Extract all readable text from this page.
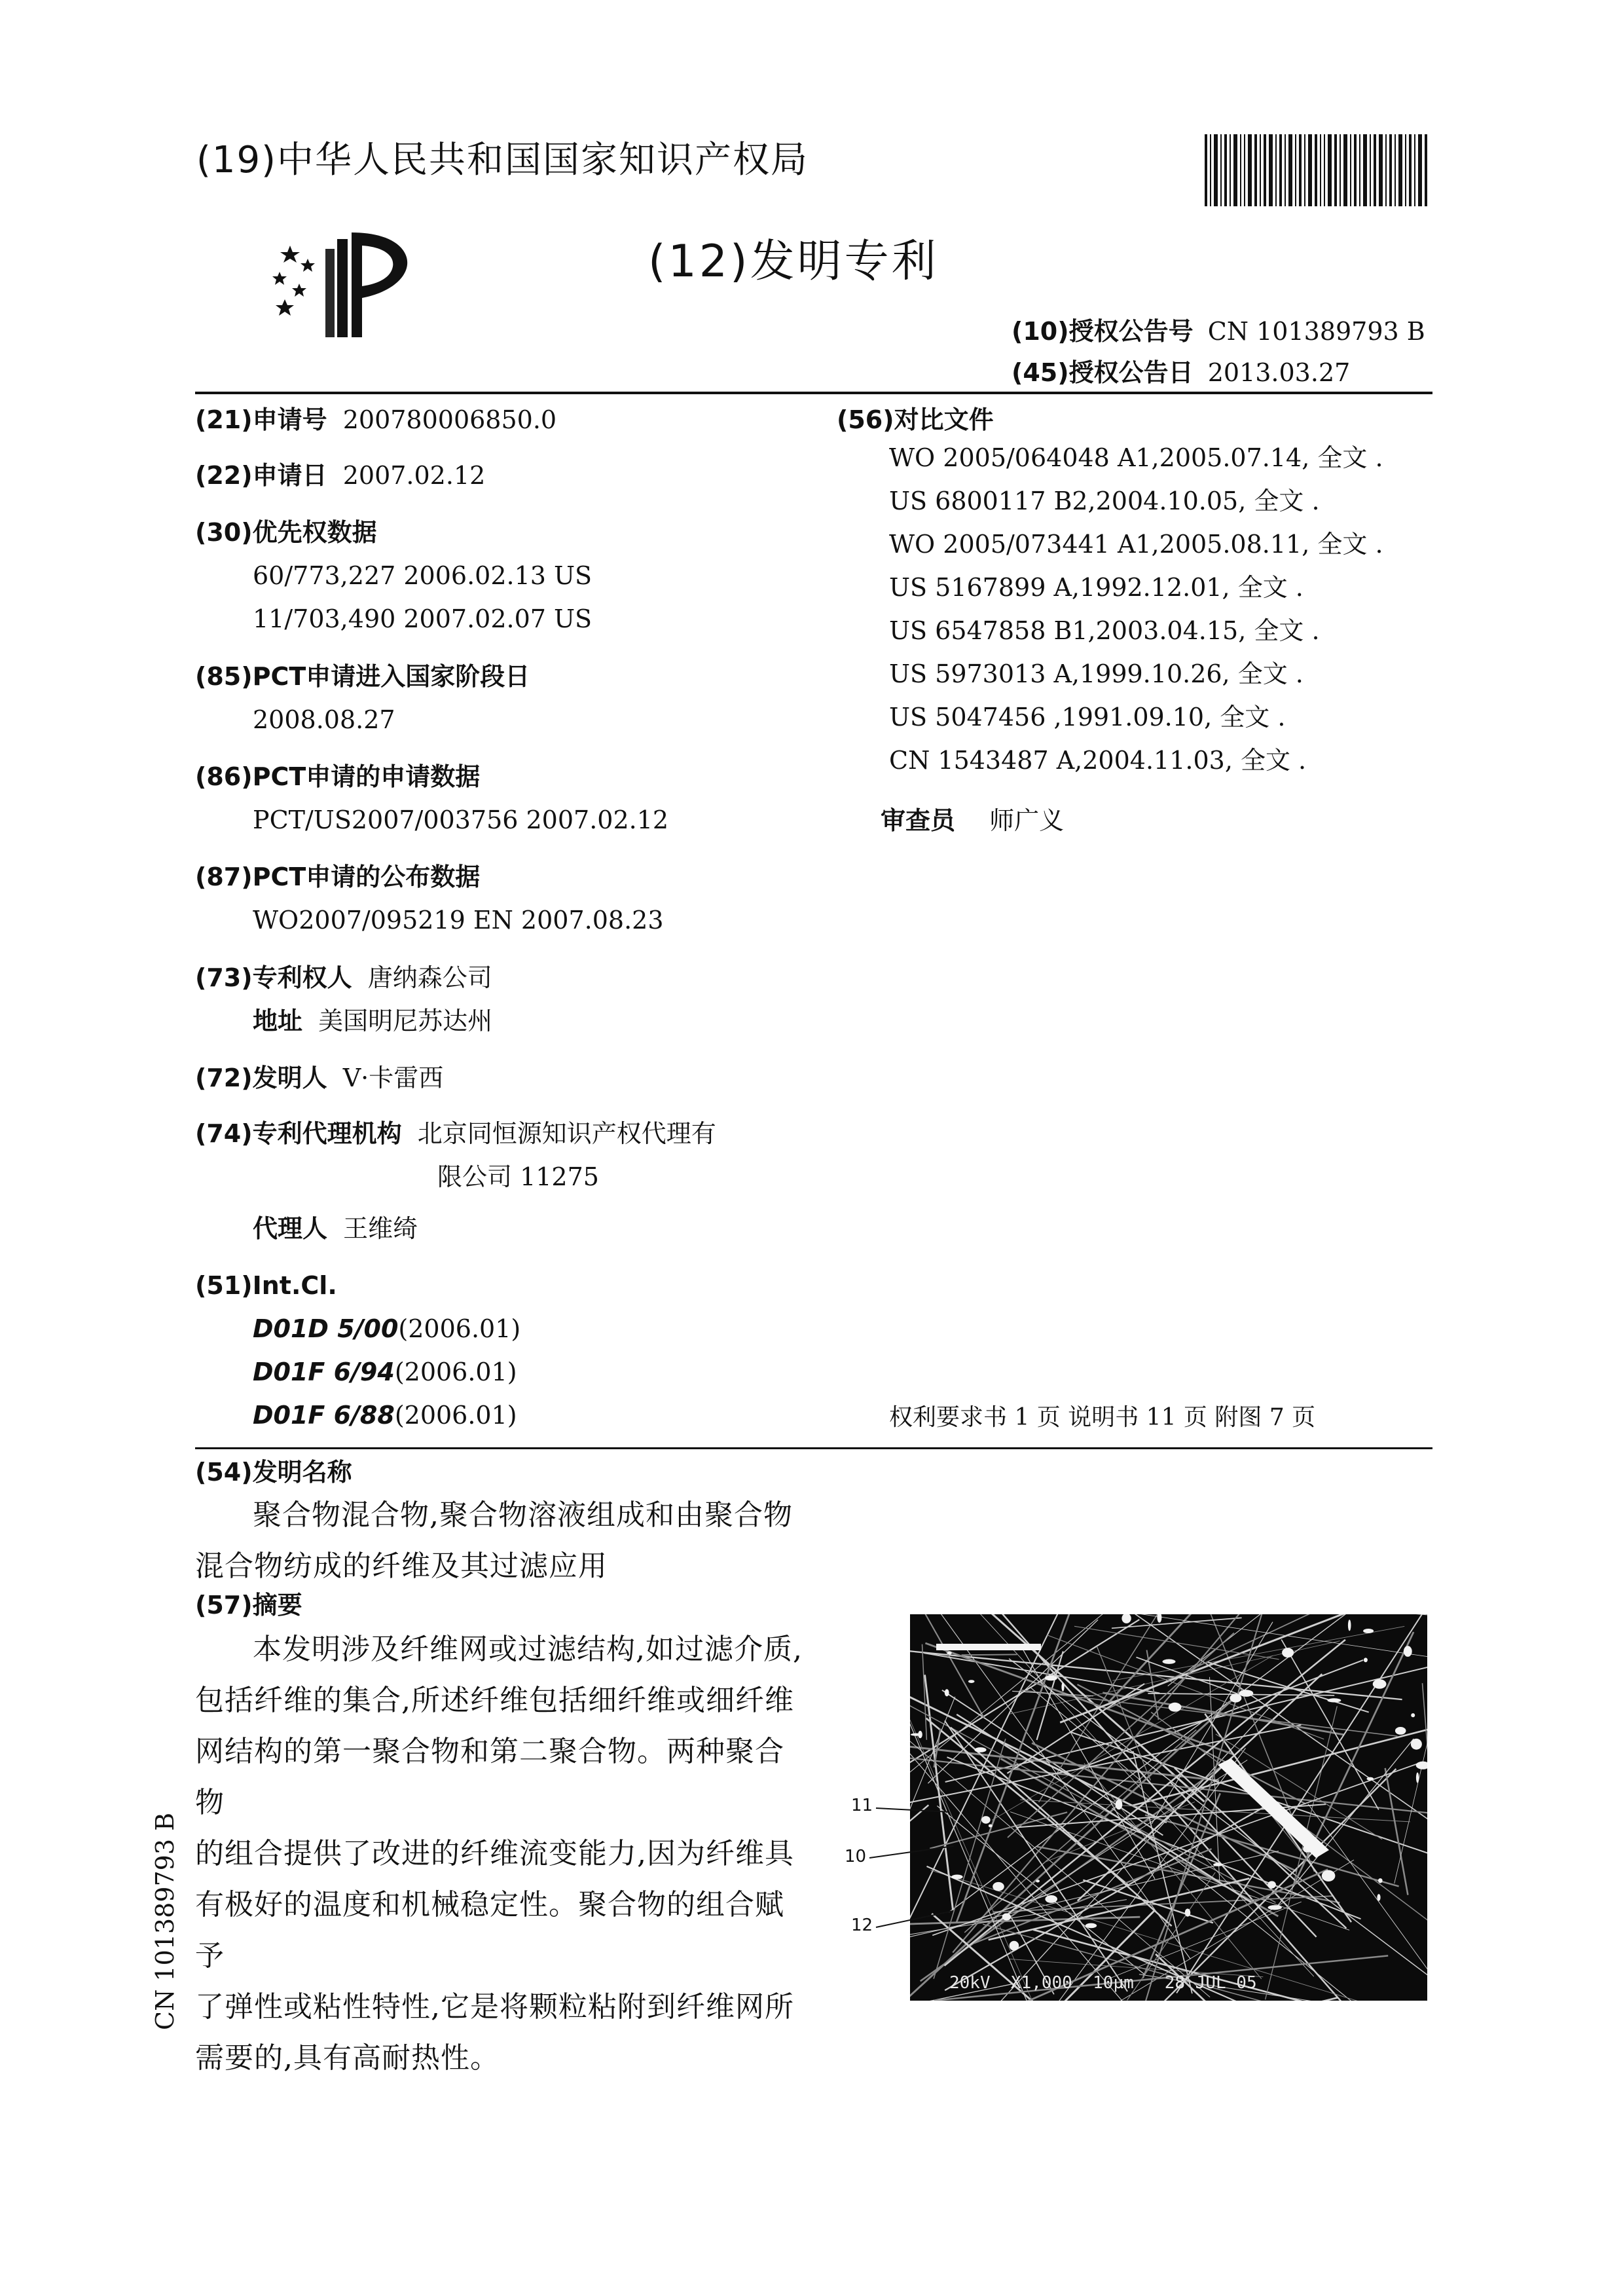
(19)中华人民共和国国家知识产权局
(12)发明专利
(10)授权公告号 CN 101389793 B
(45)授权公告日 2013.03.27
(21)申请号 200780006850.0
(22)申请日 2007.02.12
(30)优先权数据
60/773,227 2006.02.13 US
11/703,490 2007.02.07 US
(85)PCT申请进入国家阶段日
2008.08.27
(86)PCT申请的申请数据
PCT/US2007/003756 2007.02.12
(87)PCT申请的公布数据
WO2007/095219 EN 2007.08.23
(73)专利权人 唐纳森公司
地址 美国明尼苏达州
(72)发明人 V·卡雷西
(74)专利代理机构 北京同恒源知识产权代理有
限公司 11275
代理人 王维绮
(51)Int.Cl.
D01D 5/00(2006.01)
D01F 6/94(2006.01)
D01F 6/88(2006.01)
(56)对比文件
WO 2005/064048 A1,2005.07.14, 全文 .
US 6800117 B2,2004.10.05, 全文 .
WO 2005/073441 A1,2005.08.11, 全文 .
US 5167899 A,1992.12.01, 全文 .
US 6547858 B1,2003.04.15, 全文 .
US 5973013 A,1999.10.26, 全文 .
US 5047456 ,1991.09.10, 全文 .
CN 1543487 A,2004.11.03, 全文 .
审查员 师广义
权利要求书 1 页 说明书 11 页 附图 7 页
(54)发明名称
聚合物混合物,聚合物溶液组成和由聚合物
混合物纺成的纤维及其过滤应用
(57)摘要
本发明涉及纤维网或过滤结构,如过滤介质,
包括纤维的集合,所述纤维包括细纤维或细纤维
网结构的第一聚合物和第二聚合物。两种聚合物
的组合提供了改进的纤维流变能力,因为纤维具
有极好的温度和机械稳定性。聚合物的组合赋予
了弹性或粘性特性,它是将颗粒粘附到纤维网所
需要的,具有高耐热性。
20kV  X1,000  10µm   28 JUL 05
11
10
12
CN 101389793 B
